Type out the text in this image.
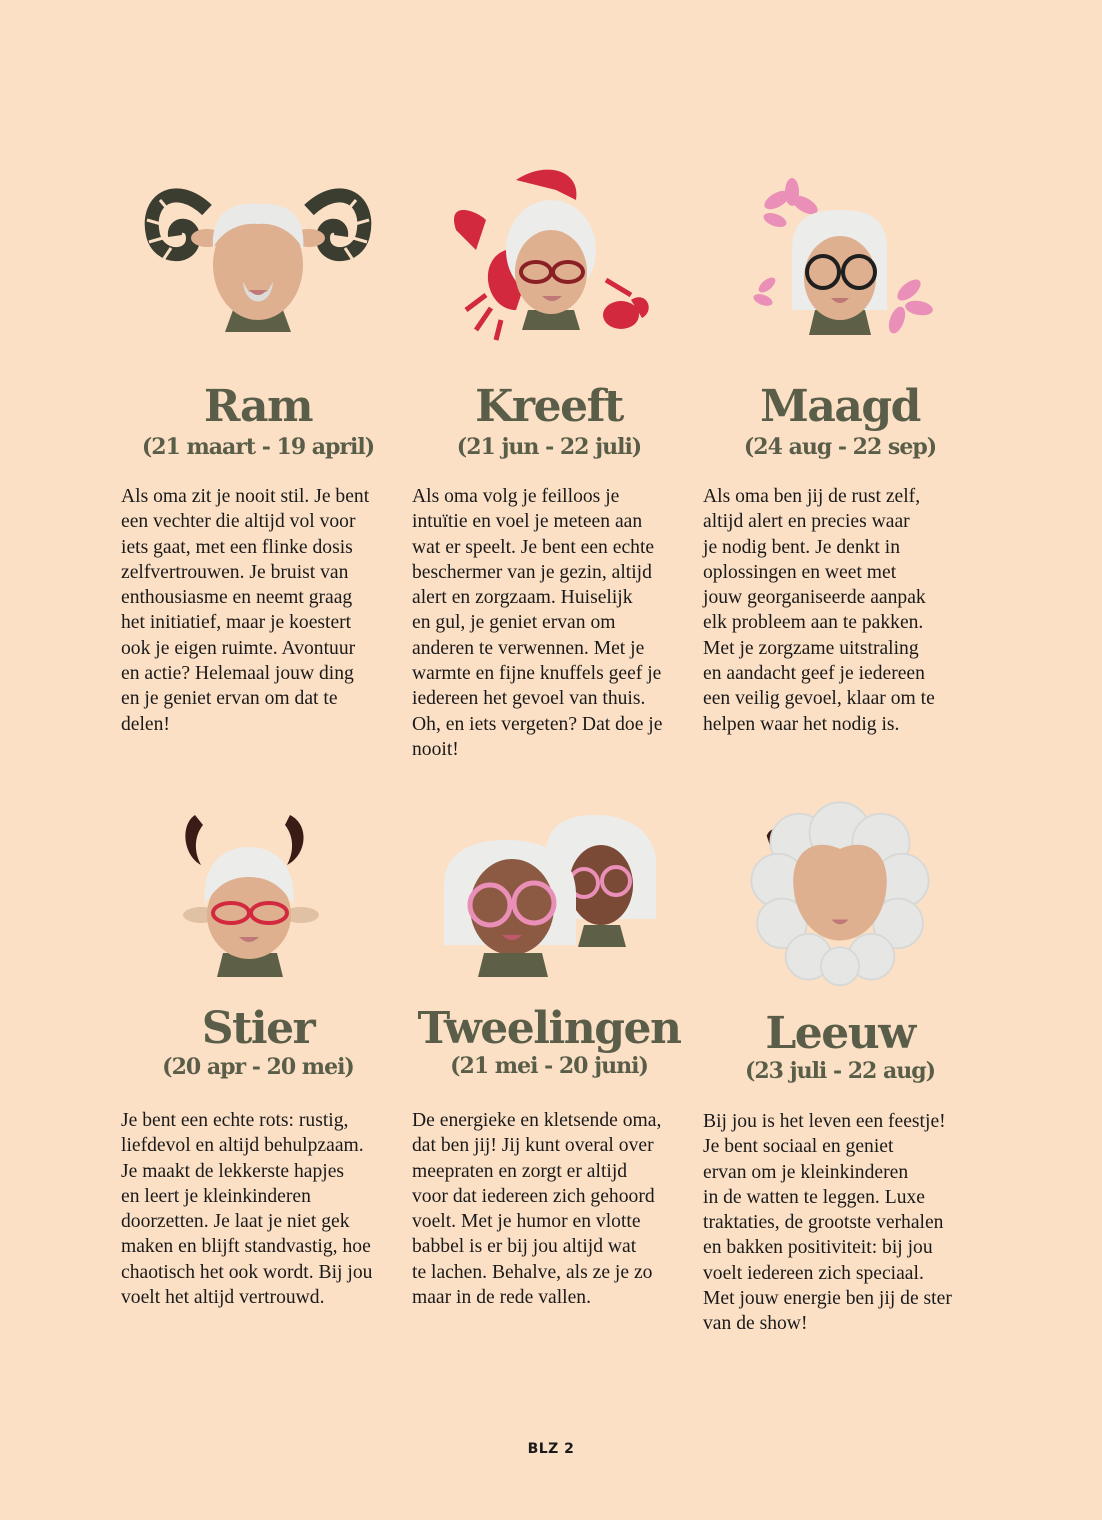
Ram
(21 maart - 19 april)
Als oma zit je nooit stil. Je bent
een vechter die altijd vol voor
iets gaat, met een flinke dosis
zelfvertrouwen. Je bruist van
enthousiasme en neemt graag
het initiatief, maar je koestert
ook je eigen ruimte. Avontuur
en actie? Helemaal jouw ding
en je geniet ervan om dat te
delen!
Kreeft
(21 jun - 22 juli)
Als oma volg je feilloos je
intuïtie en voel je meteen aan
wat er speelt. Je bent een echte
beschermer van je gezin, altijd
alert en zorgzaam. Huiselijk
en gul, je geniet ervan om
anderen te verwennen. Met je
warmte en fijne knuffels geef je
iedereen het gevoel van thuis.
Oh, en iets vergeten? Dat doe je
nooit!
Maagd
(24 aug - 22 sep)
Als oma ben jij de rust zelf,
altijd alert en precies waar
je nodig bent. Je denkt in
oplossingen en weet met
jouw georganiseerde aanpak
elk probleem aan te pakken.
Met je zorgzame uitstraling
en aandacht geef je iedereen
een veilig gevoel, klaar om te
helpen waar het nodig is.
Stier
(20 apr - 20 mei)
Je bent een echte rots: rustig,
liefdevol en altijd behulpzaam.
Je maakt de lekkerste hapjes
en leert je kleinkinderen
doorzetten. Je laat je niet gek
maken en blijft standvastig, hoe
chaotisch het ook wordt. Bij jou
voelt het altijd vertrouwd.
Tweelingen
(21 mei - 20 juni)
De energieke en kletsende oma,
dat ben jij! Jij kunt overal over
meepraten en zorgt er altijd
voor dat iedereen zich gehoord
voelt. Met je humor en vlotte
babbel is er bij jou altijd wat
te lachen. Behalve, als ze je zo
maar in de rede vallen.
Leeuw
(23 juli - 22 aug)
Bij jou is het leven een feestje!
Je bent sociaal en geniet
ervan om je kleinkinderen
in de watten te leggen. Luxe
traktaties, de grootste verhalen
en bakken positiviteit: bij jou
voelt iedereen zich speciaal.
Met jouw energie ben jij de ster
van de show!
BLZ 2
